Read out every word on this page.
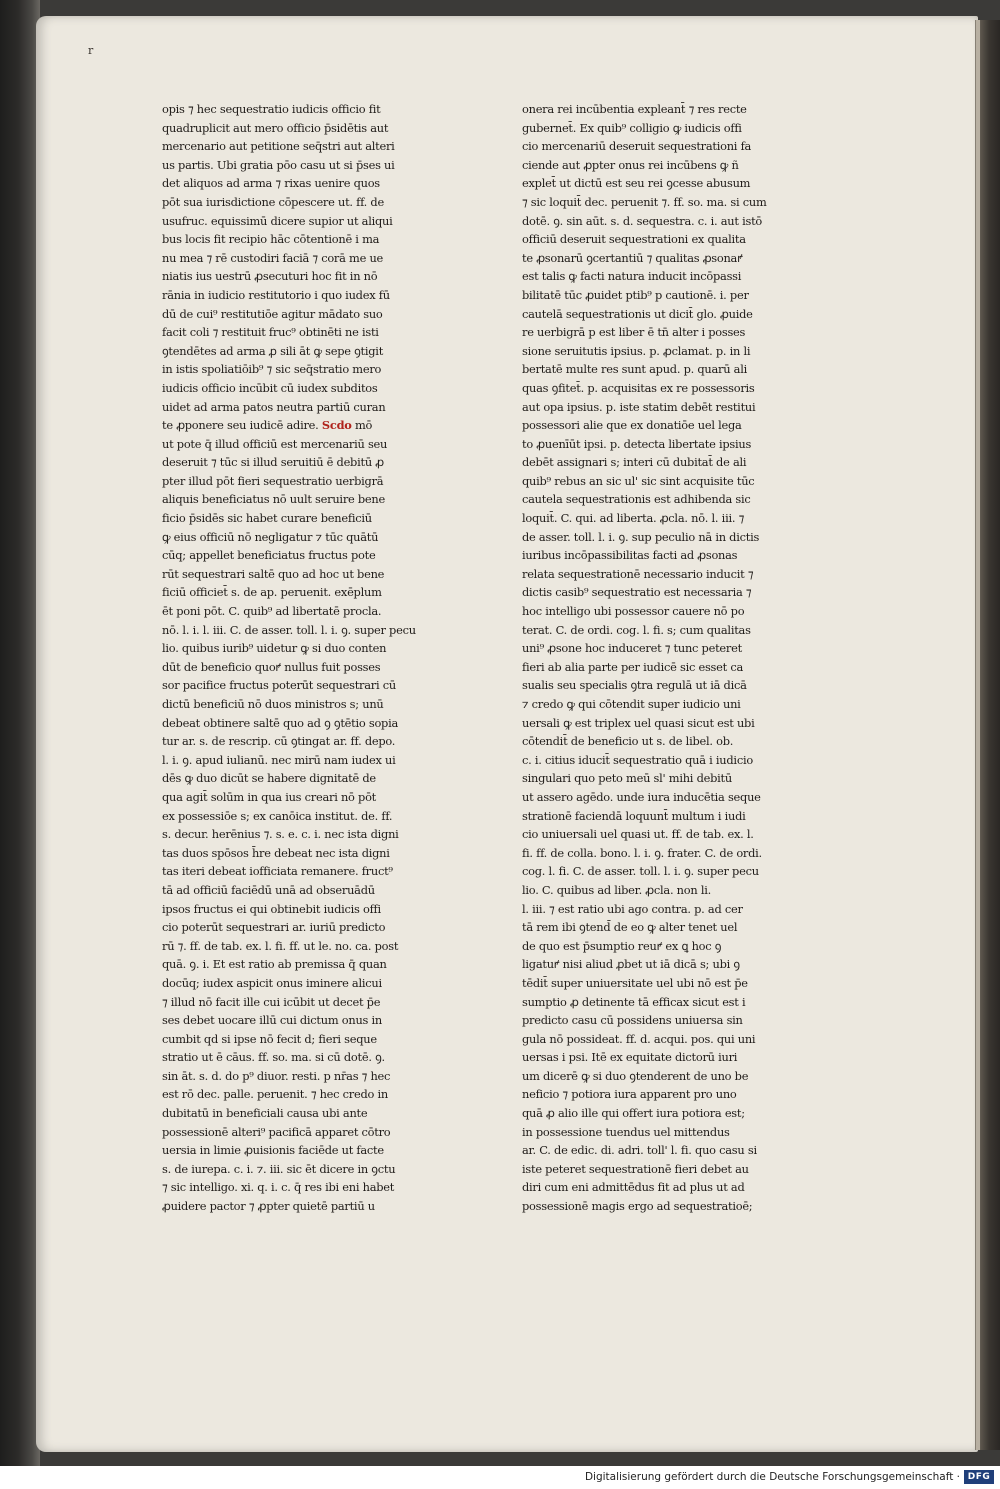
r
opis ⁊ hec sequestratio iudicis officio fit
quadruplicit aut mero officio p̄sidētis aut
mercenario aut petitione seq̄stri aut alteri
us partis. Ubi gratia pōo casu ut si p̄ses ui
det aliquos ad arma ⁊ rixas uenire quos
pōt sua iurisdictione cōpescere ut. ff. de
usufruc. equissimū dicere supior ut aliqui
bus locis fit recipio hāc cōtentionē i ma
nu mea ⁊ rē custodiri faciā ⁊ corā me ue
niatis ius uestrū ꝓsecuturi hoc fit in nō
rānia in iudicio restitutorio i quo iudex fū
dū de cui⁹ restitutiōe agitur mādato suo
facit coli ⁊ restituit fruc⁹ obtinēti ne isti
ꝯtendētes ad arma ꝓ sili āt ꝙ sepe ꝯtigit
in istis spoliatiōib⁹ ⁊ sic seq̄stratio mero
iudicis officio incūbit cū iudex subditos
uidet ad arma patos neutra partiū curan
te ꝓponere seu iudicē adire. Scdo mō
ut pote q̄ illud officiū est mercenariū seu
deseruit ⁊ tūc si illud seruitiū ē debitū ꝓ
pter illud pōt fieri sequestratio uerbigrā
aliquis beneficiatus nō uult seruire bene
ficio p̄sidēs sic habet curare beneficiū
ꝙ eius officiū nō negligatur ⁊ tūc quātū
cūq; appellet beneficiatus fructus pote
rūt sequestrari saltē quo ad hoc ut bene
ficiū officiet̄ s. de ap. peruenit. exēplum
ēt poni pōt. C. quib⁹ ad libertatē procla.
nō. l. i. l. iii. C. de asser. toll. l. i. ꝯ. super pecu
lio. quibus iurib⁹ uidetur ꝙ si duo conten
dūt de beneficio quoꝵ nullus fuit posses
sor pacifice fructus poterūt sequestrari cū
dictū beneficiū nō duos ministros s; unū
debeat obtinere saltē quo ad ꝯ ꝯtētio sopia
tur ar. s. de rescrip. cū ꝯtingat ar. ff. depo.
l. i. ꝯ. apud iulianū. nec mirū nam iudex ui
dēs ꝙ duo dicūt se habere dignitatē de
qua agit̄ solūm in qua ius creari nō pōt
ex possessiōe s; ex canōica institut. de. ff.
s. decur. herēnius ⁊. s. e. c. i. nec ista digni
tas duos spōsos h̄re debeat nec ista digni
tas iteri debeat iofficiata remanere. fruct⁹
tā ad officiū faciēdū unā ad obseruādū
ipsos fructus ei qui obtinebit iudicis offi
cio poterūt sequestrari ar. iuriū predicto
rū ⁊. ff. de tab. ex. l. fi. ff. ut le. no. ca. post
quā. ꝯ. i. Et est ratio ab premissa q̄ quan
docūq; iudex aspicit onus iminere alicui
⁊ illud nō facit ille cui icūbit ut decet p̄e
ses debet uocare illū cui dictum onus in
cumbit qd si ipse nō fecit d; fieri seque
stratio ut ē cāus. ff. so. ma. si cū dotē. ꝯ.
sin āt. s. d. do p⁹ diuor. resti. p nr̄as ⁊ hec
est rō dec. palle. peruenit. ⁊ hec credo in
dubitatū in beneficiali causa ubi ante
possessionē alteri⁹ pacificā apparet cōtro
uersia in limie ꝓuisionis faciēde ut facte
s. de iurepa. c. i. ⁊. iii. sic ēt dicere in ꝯctu
⁊ sic intelligo. xi. q. i. c. q̄ res ibi eni habet
ꝓuidere pactor ⁊ ꝓpter quietē partiū u
onera rei incūbentia expleant̄ ⁊ res recte
gubernet̄. Ex quib⁹ colligio ꝙ iudicis offi
cio mercenariū deseruit sequestrationi fa
ciende aut ꝓpter onus rei incūbens ꝙ ñ
explet̄ ut dictū est seu rei ꝯcesse abusum
⁊ sic loquit̄ dec. peruenit ⁊. ff. so. ma. si cum
dotē. ꝯ. sin aūt. s. d. sequestra. c. i. aut istō
officiū deseruit sequestrationi ex qualita
te ꝓsonarū ꝯcertantiū ⁊ qualitas ꝓsonaꝵ
est talis ꝙ facti natura inducit incōpassi
bilitatē tūc ꝓuidet ptib⁹ p cautionē. i. per
cautelā sequestrationis ut dicit̄ glo. ꝓuide
re uerbigrā p est liber ē tn̄ alter i posses
sione seruitutis ipsius. p. ꝓclamat. p. in li
bertatē multe res sunt apud. p. quarū ali
quas ꝯfitet̄. p. acquisitas ex re possessoris
aut opa ipsius. p. iste statim debēt restitui
possessori alie que ex donatiōe uel lega
to ꝓuenīūt ipsi. p. detecta libertate ipsius
debēt assignari s; interi cū dubitat̄ de ali
quib⁹ rebus an sic ul' sic sint acquisite tūc
cautela sequestrationis est adhibenda sic
loquit̄. C. qui. ad liberta. ꝓcla. nō. l. iii. ⁊
de asser. toll. l. i. ꝯ. sup peculio nā in dictis
iuribus incōpassibilitas facti ad ꝓsonas
relata sequestrationē necessario inducit ⁊
dictis casib⁹ sequestratio est necessaria ⁊
hoc intelligo ubi possessor cauere nō po
terat. C. de ordi. cog. l. fi. s; cum qualitas
uni⁹ ꝓsone hoc induceret ⁊ tunc peteret
fieri ab alia parte per iudicē sic esset ca
sualis seu specialis ꝯtra regulā ut iā dicā
⁊ credo ꝙ qui cōtendit super iudicio uni
uersali ꝙ est triplex uel quasi sicut est ubi
cōtendit̄ de beneficio ut s. de libel. ob.
c. i. citius iducit̄ sequestratio quā i iudicio
singulari quo peto meū sl' mihi debitū
ut assero agēdo. unde iura inducētia seque
strationē faciendā loquunt̄ multum i iudi
cio uniuersali uel quasi ut. ff. de tab. ex. l.
fi. ff. de colla. bono. l. i. ꝯ. frater. C. de ordi.
cog. l. fi. C. de asser. toll. l. i. ꝯ. super pecu
lio. C. quibus ad liber. ꝓcla. non li.
l. iii. ⁊ est ratio ubi ago contra. p. ad cer
tā rem ibi ꝯtend̄ de eo ꝙ alter tenet uel
de quo est p̄sumptio reuꝵ ex ꝗ hoc ꝯ
ligatuꝵ nisi aliud ꝓbet ut iā dicā s; ubi ꝯ
tēdit̄ super uniuersitate uel ubi nō est p̄e
sumptio ꝓ detinente tā efficax sicut est i
predicto casu cū possidens uniuersa sin
gula nō possideat. ff. d. acqui. pos. qui uni
uersas i psi. Itē ex equitate dictorū iuri
um dicerē ꝙ si duo ꝯtenderent de uno be
neficio ⁊ potiora iura apparent pro uno
quā ꝓ alio ille qui offert iura potiora est;
in possessione tuendus uel mittendus
ar. C. de edic. di. adri. toll' l. fi. quo casu si
iste peteret sequestrationē fieri debet au
diri cum eni admittēdus fit ad plus ut ad
possessionē magis ergo ad sequestratioē;
Digitalisierung gefördert durch die Deutsche Forschungsgemeinschaft · DFG
